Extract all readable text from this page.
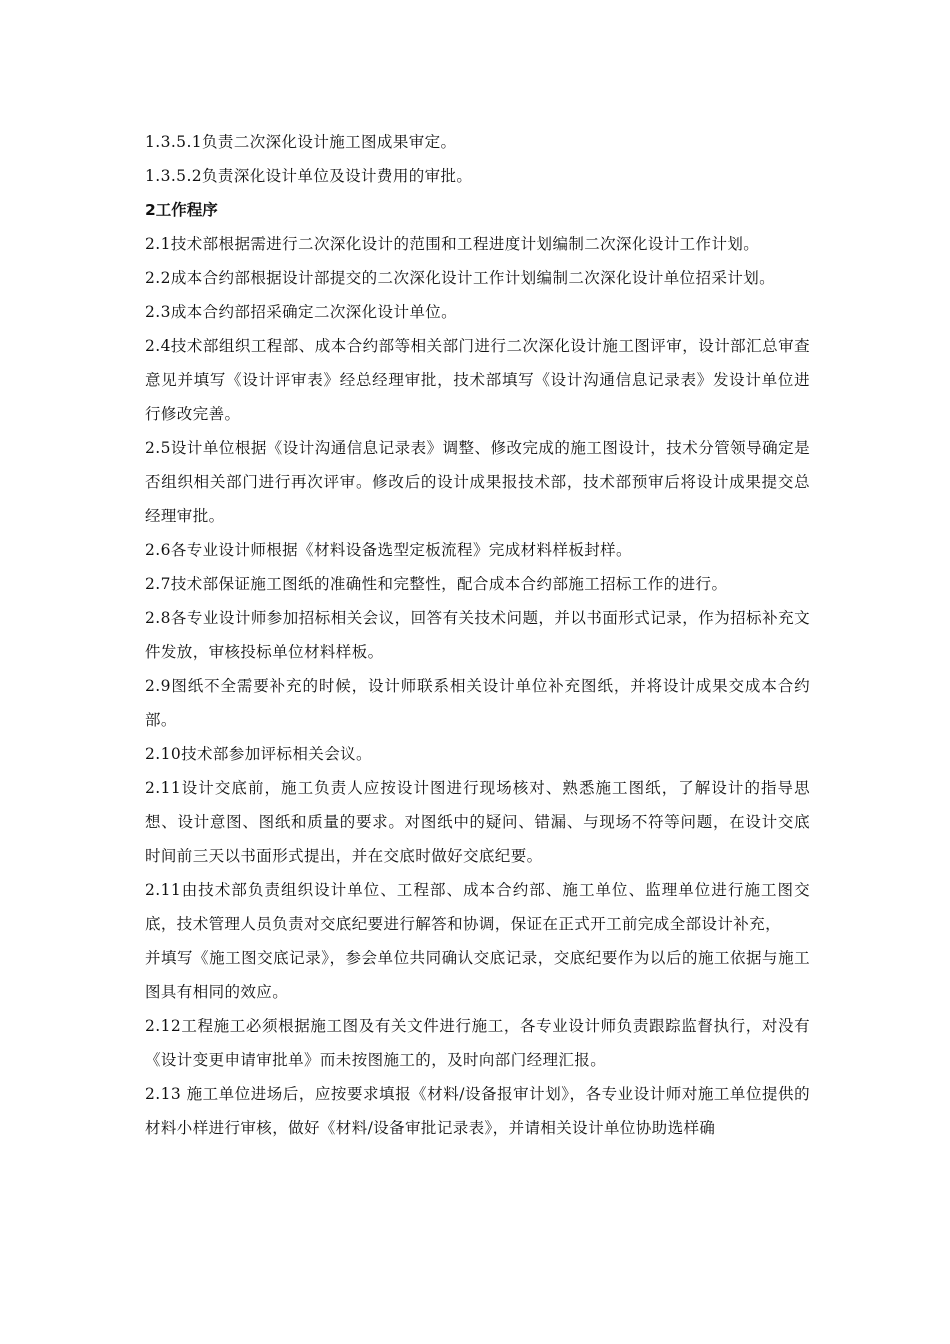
1.3.5.1负责二次深化设计施工图成果审定。

1.3.5.2负责深化设计单位及设计费用的审批。

2工作程序

2.1技术部根据需进行二次深化设计的范围和工程进度计划编制二次深化设计工作计划。

2.2成本合约部根据设计部提交的二次深化设计工作计划编制二次深化设计单位招采计划。

2.3成本合约部招采确定二次深化设计单位。

2.4技术部组织工程部、成本合约部等相关部门进行二次深化设计施工图评审，设计部汇总审查意见并填写《设计评审表》经总经理审批，技术部填写《设计沟通信息记录表》发设计单位进行修改完善。

2.5设计单位根据《设计沟通信息记录表》调整、修改完成的施工图设计，技术分管领导确定是否组织相关部门进行再次评审。修改后的设计成果报技术部，技术部预审后将设计成果提交总经理审批。

2.6各专业设计师根据《材料设备选型定板流程》完成材料样板封样。

2.7技术部保证施工图纸的准确性和完整性，配合成本合约部施工招标工作的进行。

2.8各专业设计师参加招标相关会议，回答有关技术问题，并以书面形式记录，作为招标补充文件发放，审核投标单位材料样板。

2.9图纸不全需要补充的时候，设计师联系相关设计单位补充图纸，并将设计成果交成本合约部。

2.10技术部参加评标相关会议。

2.11设计交底前，施工负责人应按设计图进行现场核对、熟悉施工图纸，了解设计的指导思想、设计意图、图纸和质量的要求。对图纸中的疑问、错漏、与现场不符等问题，在设计交底时间前三天以书面形式提出，并在交底时做好交底纪要。

2.11由技术部负责组织设计单位、工程部、成本合约部、施工单位、监理单位进行施工图交底，技术管理人员负责对交底纪要进行解答和协调，保证在正式开工前完成全部设计补充，

并填写《施工图交底记录》，参会单位共同确认交底记录，交底纪要作为以后的施工依据与施工图具有相同的效应。

2.12工程施工必须根据施工图及有关文件进行施工，各专业设计师负责跟踪监督执行，对没有《设计变更申请审批单》而未按图施工的，及时向部门经理汇报。

2.13 施工单位进场后，应按要求填报《材料/设备报审计划》，各专业设计师对施工单位提供的材料小样进行审核，做好《材料/设备审批记录表》，并请相关设计单位协助选样确
